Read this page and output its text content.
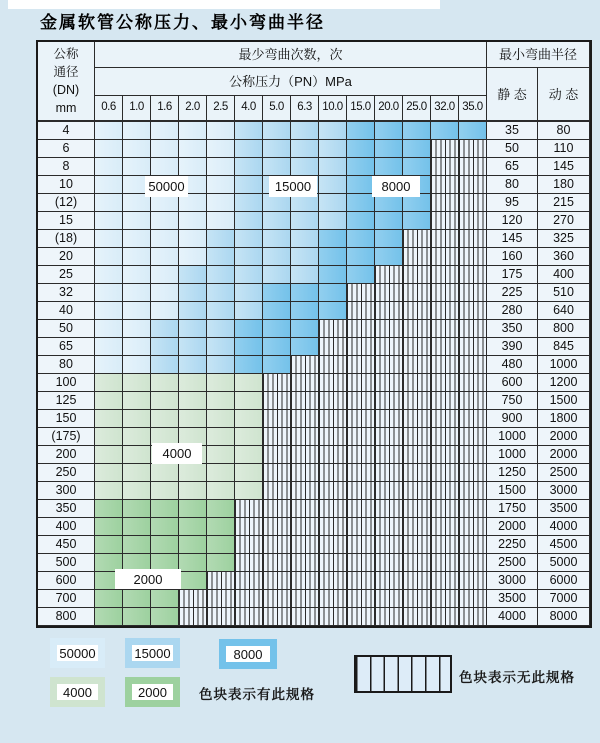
金属软管公称压力、最小弯曲半径
公称
通径
(DN)
mm
最少弯曲次数，次	最小弯曲半径
公称压力（PN）MPa
静 态	动 态
0.6	1.0	1.6	2.0	2.5	4.0	5.0	6.3 10.0 15.0 20.0 25.0 32.0 35.0
4	35	80
6	50	110
8	65	145
10	80	180
(12)	95	215
15	120	270
(18)	145	325
20	160	360
25	175	400
32	225	510
40	280	640
50	350	800
65	390	845
80	480	1000
100	600	1200
125	750	1500
150	900	1800
(175)	1000	2000
200	1000	2000
250	1250	2500
300	1500	3000
350	1750	3500
400	2000	4000
450	2250	4500
500	2500	5000
600	3000	6000
700	3500	7000
800	4000	8000
50000	15000	8000
4000
2000
色块表示有此规格
色块表示无此规格
50000	15000	8000
4000	2000
